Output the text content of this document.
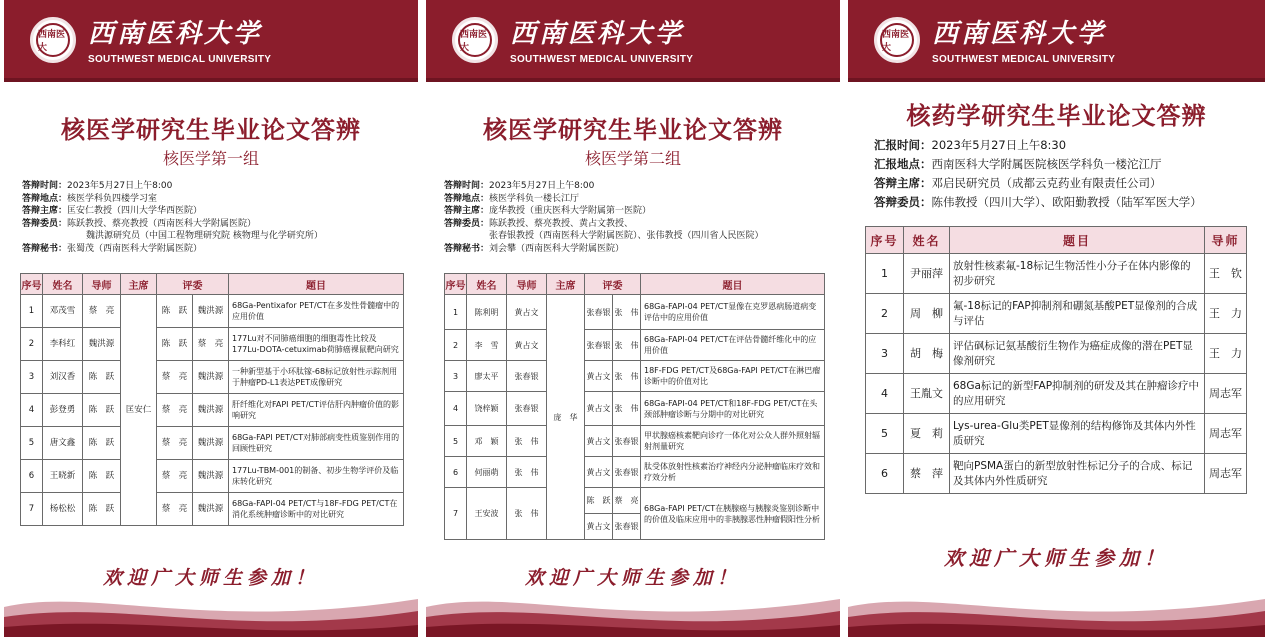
西南医大	西南医科大学
SOUTHWEST MEDICAL UNIVERSITY
核医学研究生毕业论文答辨
核医学第一组
答辩时间：2023年5月27日上午8:00
答辩地点：核医学科负四楼学习室
答辩主席：匡安仁教授（四川大学华西医院）
答辩委员：陈跃教授、蔡亮教授（西南医科大学附属医院）
魏洪源研究员（中国工程物理研究院 核物理与化学研究所）
答辩秘书：张蜀茂（西南医科大学附属医院）
序号	姓名	导师	主席	评委		题目
1	邓茂雪	蔡　亮	匡安仁	陈　跃	魏洪源	68Ga-Pentixafor PET/CT在多发性骨髓瘤中的应用价值
2	李科红	魏洪源		陈　跃	蔡　亮	177Lu对不同肺癌细胞的细胞毒性比较及177Lu-DOTA-cetuximab荷肺癌裸鼠靶向研究
3	刘汉香	陈　跃		蔡　亮	魏洪源	一种新型基于小环肽镓-68标记放射性示踪剂用于肿瘤PD-L1表达PET成像研究
4	彭登勇	陈　跃		蔡　亮	魏洪源	肝纤维化对FAPI PET/CT评估肝内肿瘤价值的影响研究
5	唐文鑫	陈　跃		蔡　亮	魏洪源	68Ga-FAPI PET/CT对肺部病变性质鉴别作用的回顾性研究
6	王晓新	陈　跃		蔡　亮	魏洪源	177Lu-TBM-001的制备、初步生物学评价及临床转化研究
7	杨松松	陈　跃		蔡　亮	魏洪源	68Ga-FAPI-04 PET/CT与18F-FDG PET/CT在消化系统肿瘤诊断中的对比研究
欢迎广大师生参加！
西南医大	西南医科大学
SOUTHWEST MEDICAL UNIVERSITY
核医学研究生毕业论文答辨
核医学第二组
答辩时间：2023年5月27日上午8:00
答辩地点：核医学科负一楼长江厅
答辩主席：庞华教授（重庆医科大学附属第一医院）
答辩委员：陈跃教授、蔡亮教授、黄占文教授、
张春银教授（西南医科大学附属医院）、张伟教授（四川省人民医院）
答辩秘书：刘会攀（西南医科大学附属医院）
序号	姓名	导师	主席	评委		题目
1	陈利明	黄占文	庞　华	张春银	张　伟	68Ga-FAPI-04 PET/CT显像在克罗恩病肠道病变评估中的应用价值
2	李　雪	黄占文		张春银	张　伟	68Ga-FAPI-04 PET/CT在评估骨髓纤维化中的应用价值
3	廖太平	张春银		黄占文	张　伟	18F-FDG PET/CT及68Ga-FAPI PET/CT在淋巴瘤诊断中的价值对比
4	饶梓颖	张春银		黄占文	张　伟	68Ga-FAPI-04 PET/CT和18F-FDG PET/CT在头颈部肿瘤诊断与分期中的对比研究
5	邓　颖	张　伟		黄占文	张春银	甲状腺癌核素靶向诊疗一体化对公众人群外照射辐射剂量研究
6	何丽萌	张　伟		黄占文	张春银	肽受体放射性核素治疗神经内分泌肿瘤临床疗效和疗效分析
7	王安波	张　伟		陈　跃	蔡　亮	68Ga-FAPI PET/CT在胰腺癌与胰腺炎鉴别诊断中的价值及临床应用中的非胰腺恶性肿瘤假阳性分析
				黄占文	张春银	
欢迎广大师生参加！
西南医大	西南医科大学
SOUTHWEST MEDICAL UNIVERSITY
核药学研究生毕业论文答辨
汇报时间：2023年5月27日上午8:30
汇报地点：西南医科大学附属医院核医学科负一楼沱江厅
答辩主席：邓启民研究员（成都云克药业有限责任公司）
答辩委员：陈伟教授（四川大学）、欧阳勤教授（陆军军医大学）
序号	姓名	题目	导师
1	尹丽萍	放射性核素氟-18标记生物活性小分子在体内影像的初步研究	王　钦
2	周　柳	氟-18标记的FAP抑制剂和硼氮基酸PET显像剂的合成与评估	王　力
3	胡　梅	评估砜标记氨基酸衍生物作为癌症成像的潜在PET显像剂研究	王　力
4	王胤文	68Ga标记的新型FAP抑制剂的研发及其在肿瘤诊疗中的应用研究	周志军
5	夏　莉	Lys-urea-Glu类PET显像剂的结构修饰及其体内外性质研究	周志军
6	蔡　萍	靶向PSMA蛋白的新型放射性标记分子的合成、标记及其体内外性质研究	周志军
欢迎广大师生参加！
